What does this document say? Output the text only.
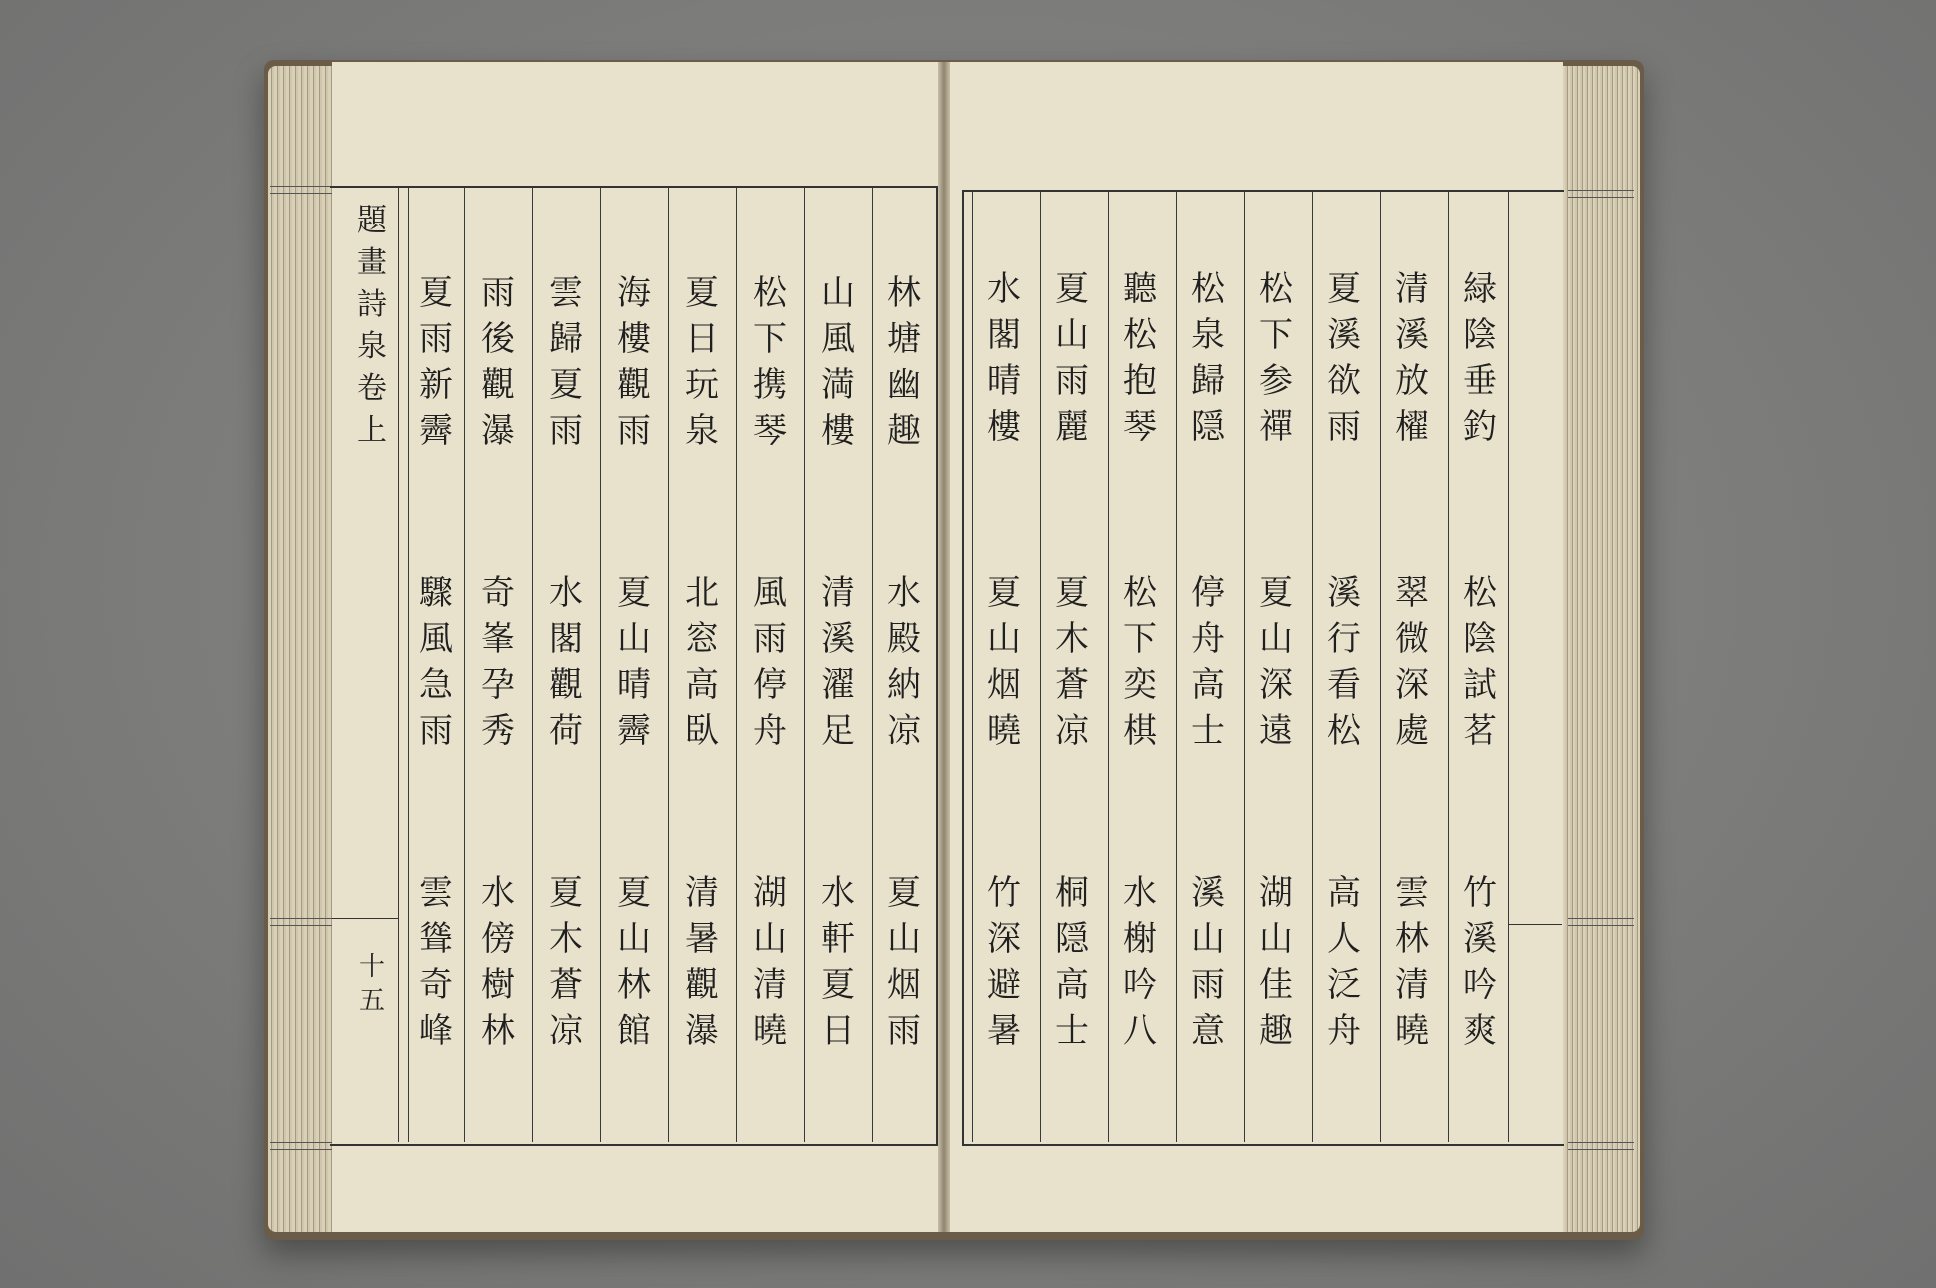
題畫詩泉卷上
十五
林塘幽趣
水殿納凉
夏山烟雨
山風満樓
清溪濯足
水軒夏日
松下携琴
風雨停舟
湖山清曉
夏日玩泉
北窓高臥
清暑觀瀑
海樓觀雨
夏山晴霽
夏山林館
雲歸夏雨
水閣觀荷
夏木蒼凉
雨後觀瀑
奇峯孕秀
水傍樹林
夏雨新霽
驟風急雨
雲聳奇峰
緑陰垂釣
松陰試茗
竹溪吟爽
清溪放櫂
翠微深處
雲林清曉
夏溪欲雨
溪行看松
高人泛舟
松下参禪
夏山深遠
湖山佳趣
松泉歸隠
停舟高士
溪山雨意
聽松抱琴
松下奕棋
水榭吟八
夏山雨麗
夏木蒼凉
桐隠高士
水閣晴樓
夏山烟曉
竹深避暑
